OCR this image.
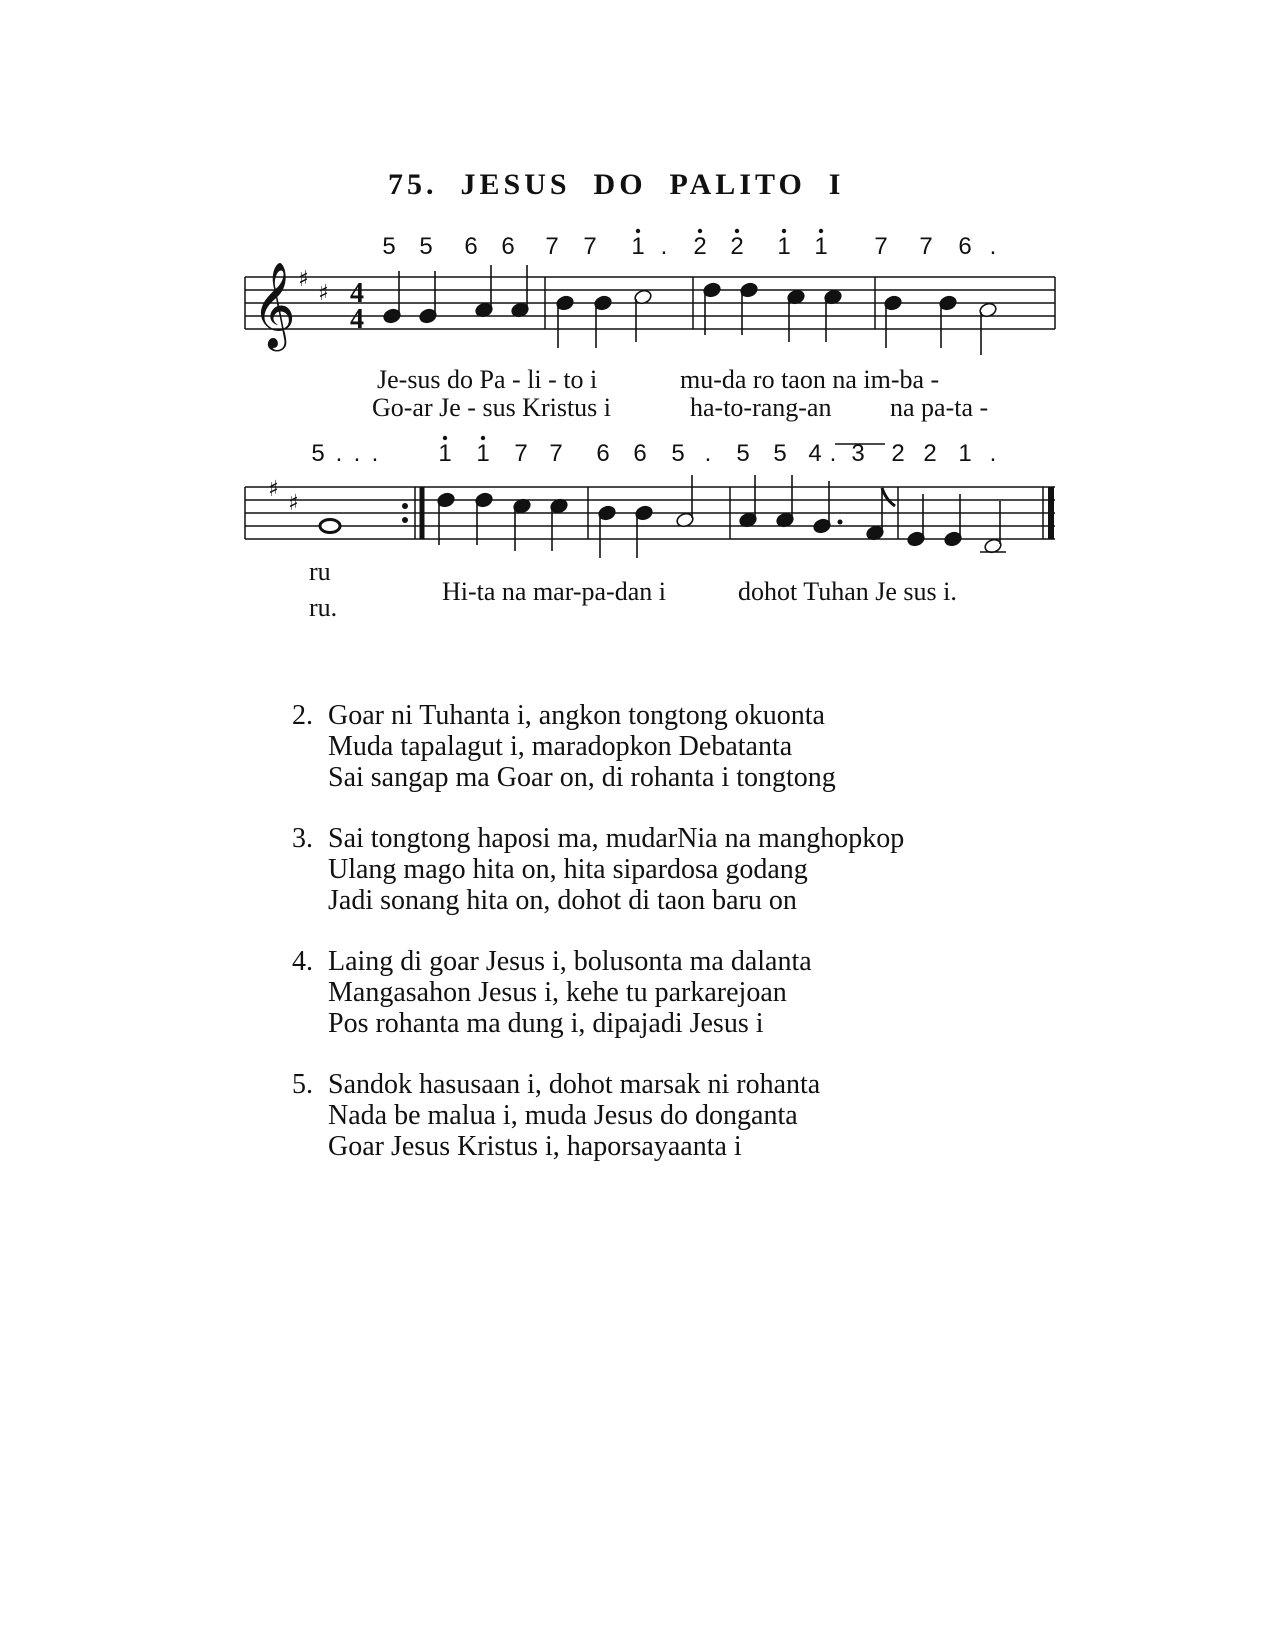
75.  JESUS  DO  PALITO  I
𝄞 ♯
♯ 4
4
5 5 6 6 7 7 1 . 2 2 1 1 7 7 6 .
Je-sus do Pa - li - to i	mu-da ro taon na im-ba -
Go-ar Je - sus Kristus i	ha-to-rang-an na pa-ta -
♯
♯
5 . . . 1 1 7 7 6 6 5 . 5 5 4 . 3 2 2 1 .
ru
ru.
Hi-ta na mar-pa-dan i	dohot Tuhan Je sus i.
2. Goar ni Tuhanta i, angkon tongtong okuonta
Muda tapalagut i, maradopkon Debatanta
Sai sangap ma Goar on, di rohanta i tongtong
3. Sai tongtong haposi ma, mudarNia na manghopkop
Ulang mago hita on, hita sipardosa godang
Jadi sonang hita on, dohot di taon baru on
4. Laing di goar Jesus i, bolusonta ma dalanta
Mangasahon Jesus i, kehe tu parkarejoan
Pos rohanta ma dung i, dipajadi Jesus i
5. Sandok hasusaan i, dohot marsak ni rohanta
Nada be malua i, muda Jesus do donganta
Goar Jesus Kristus i, haporsayaanta i
